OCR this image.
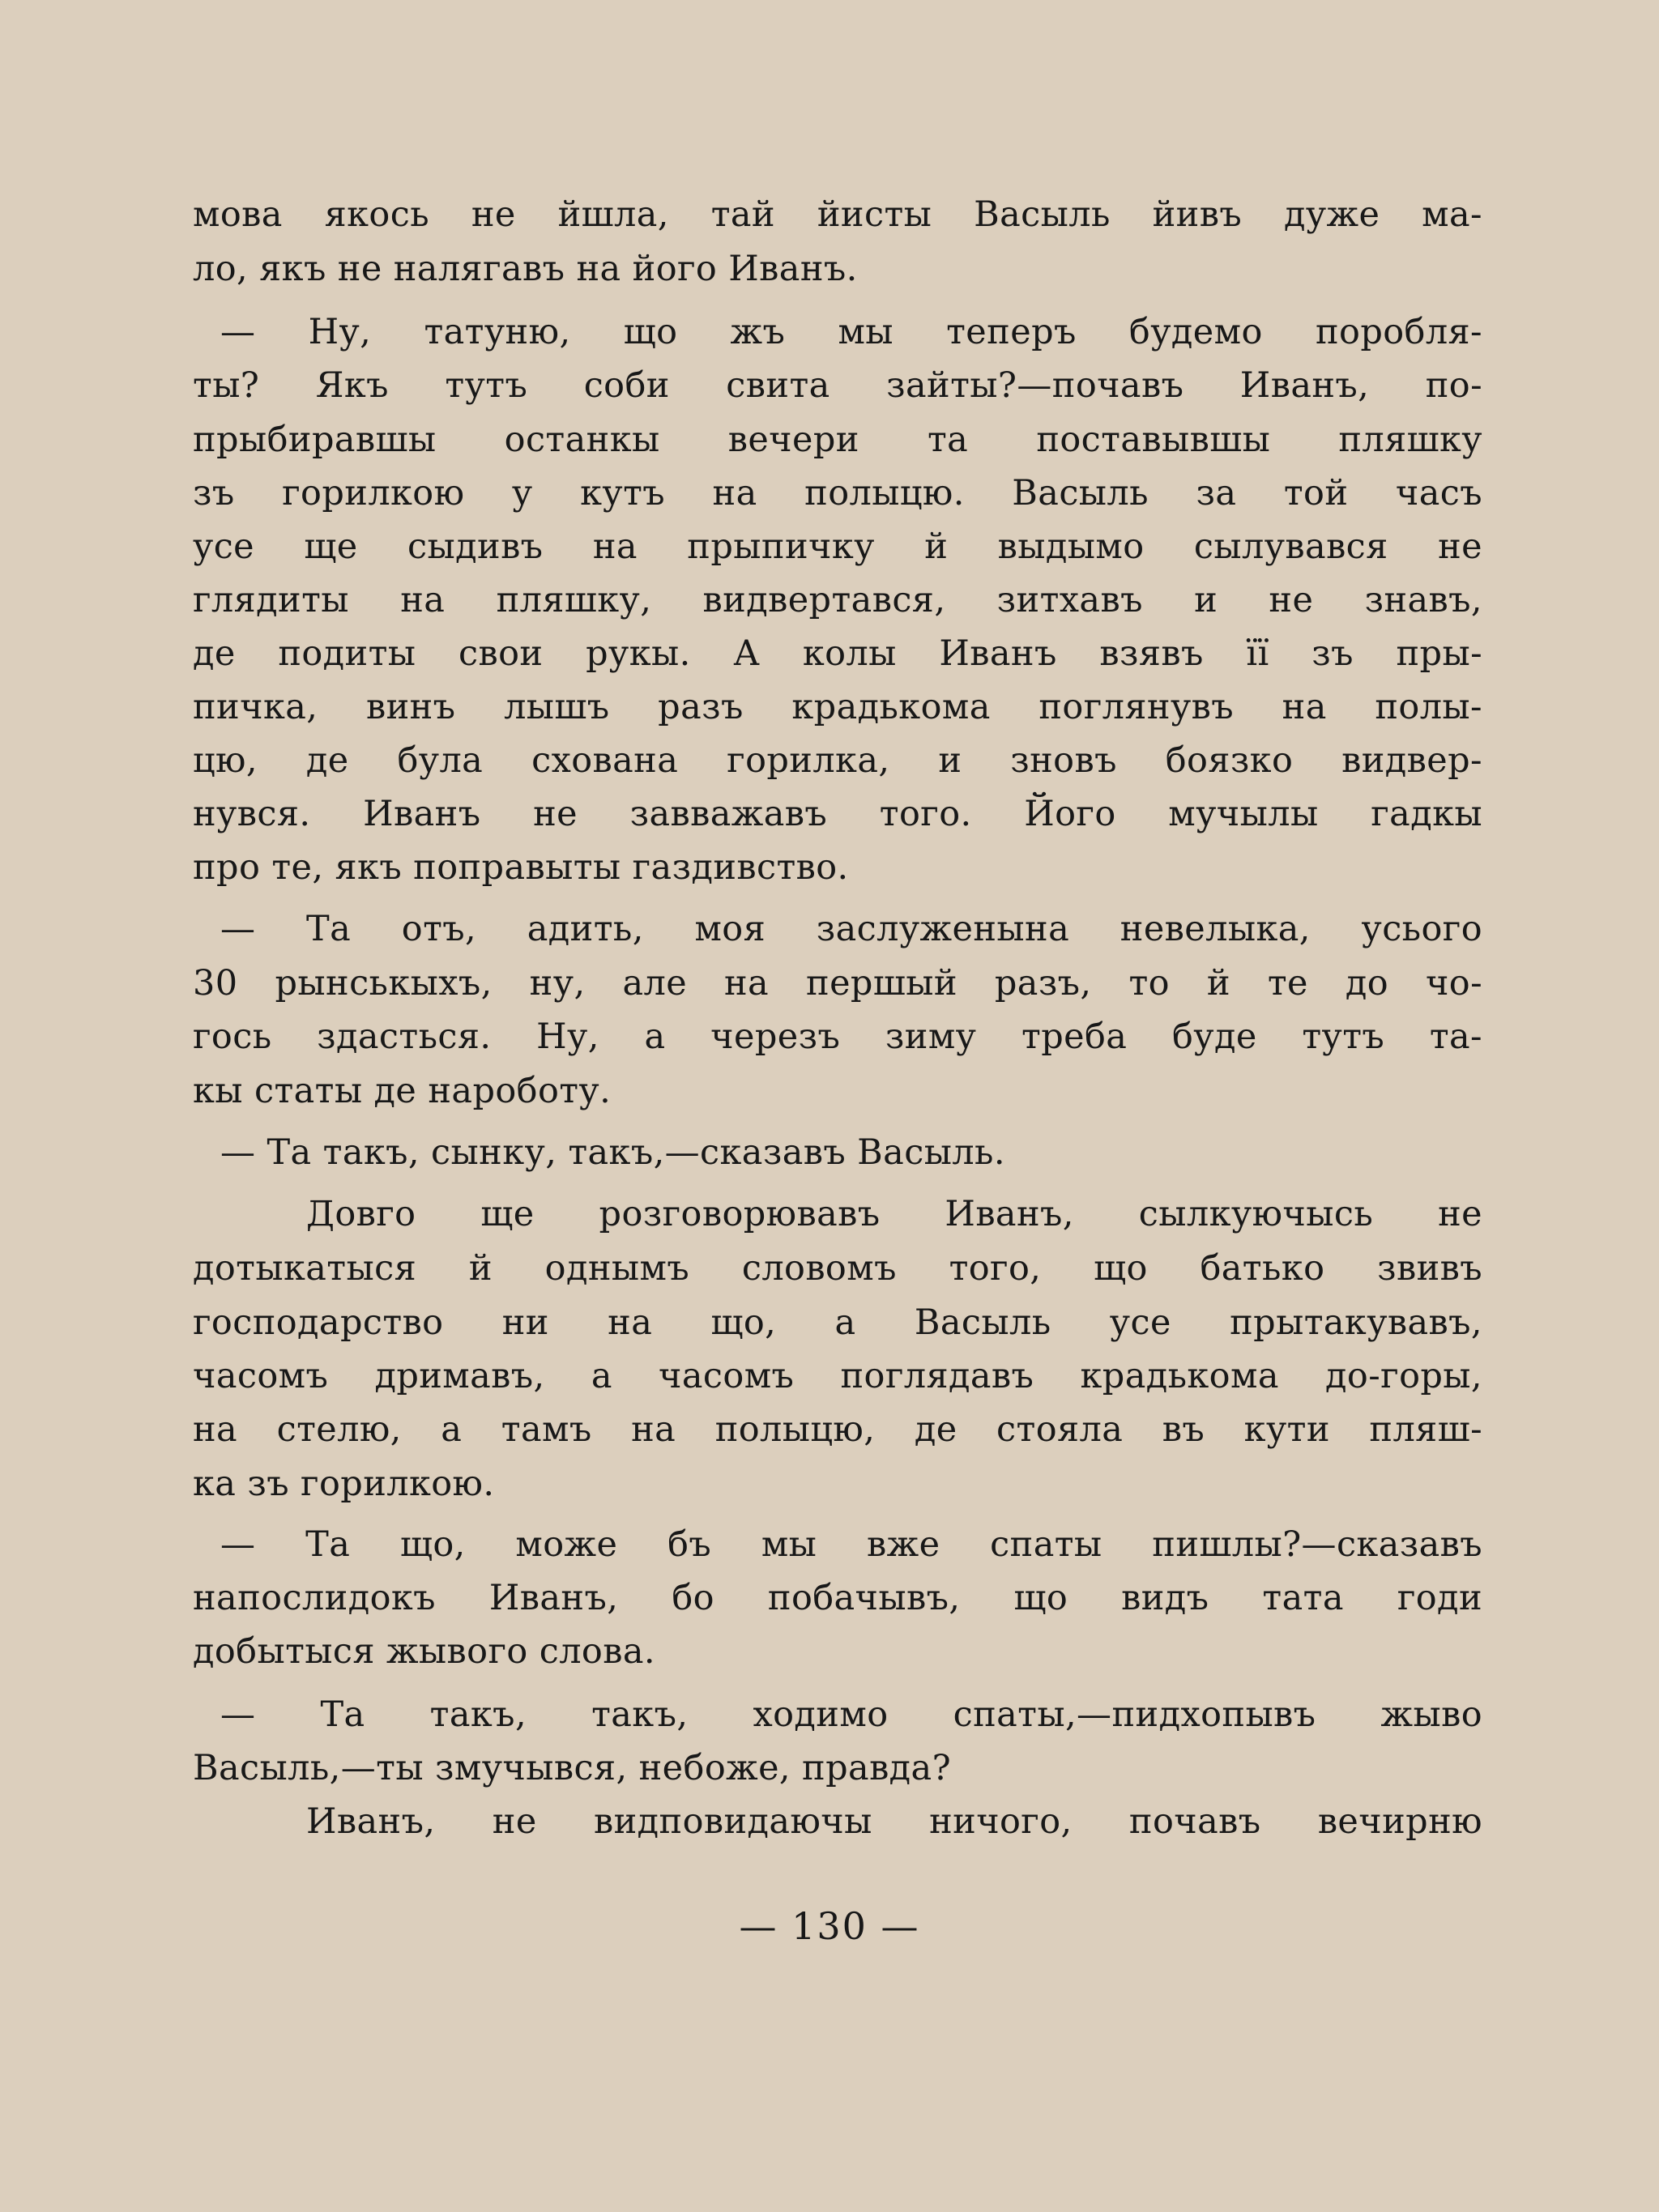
мова якось не йшла, тай йисты Васыль йивъ дуже ма-
ло, якъ не налягавъ на його Иванъ.
— Ну, татуню, що жъ мы теперъ будемо поробля-
ты? Якъ тутъ соби свита зайты?—почавъ Иванъ, по-
прыбиравшы останкы вечери та поставывшы пляшку
зъ горилкою у кутъ на полыцю. Васыль за той часъ
усе ще сыдивъ на прыпичку й выдымо сылувався не
глядиты на пляшку, видвертався, зитхавъ и не знавъ,
де подиты свои рукы. А колы Иванъ взявъ її зъ пры-
пичка, винъ лышъ разъ крадькома поглянувъ на полы-
цю, де була схована горилка, и зновъ боязко видвер-
нувся. Иванъ не завважавъ того. Його мучылы гадкы
про те, якъ поправыты газдивство.
— Та отъ, адить, моя заслуженына невелыка, усього
30 рынськыхъ, ну, але на першый разъ, то й те до чо-
гось здасться. Ну, а черезъ зиму треба буде тутъ та-
кы статы де нароботу.
— Та такъ, сынку, такъ,—сказавъ Васыль.
Довго ще розговорювавъ Иванъ, сылкуючысь не
дотыкатыся й однымъ словомъ того, що батько звивъ
господарство ни на що, а Васыль усе прытакувавъ,
часомъ дримавъ, а часомъ поглядавъ крадькома до-горы,
на стелю, а тамъ на полыцю, де стояла въ кути пляш-
ка зъ горилкою.
— Та що, може бъ мы вже спаты пишлы?—сказавъ
напослидокъ Иванъ, бо побачывъ, що видъ тата годи
добытыся жывого слова.
— Та такъ, такъ, ходимо спаты,—пидхопывъ жыво
Васыль,—ты змучывся, небоже, правда?
Иванъ, не видповидаючы ничого, почавъ вечирню
— 130 —
